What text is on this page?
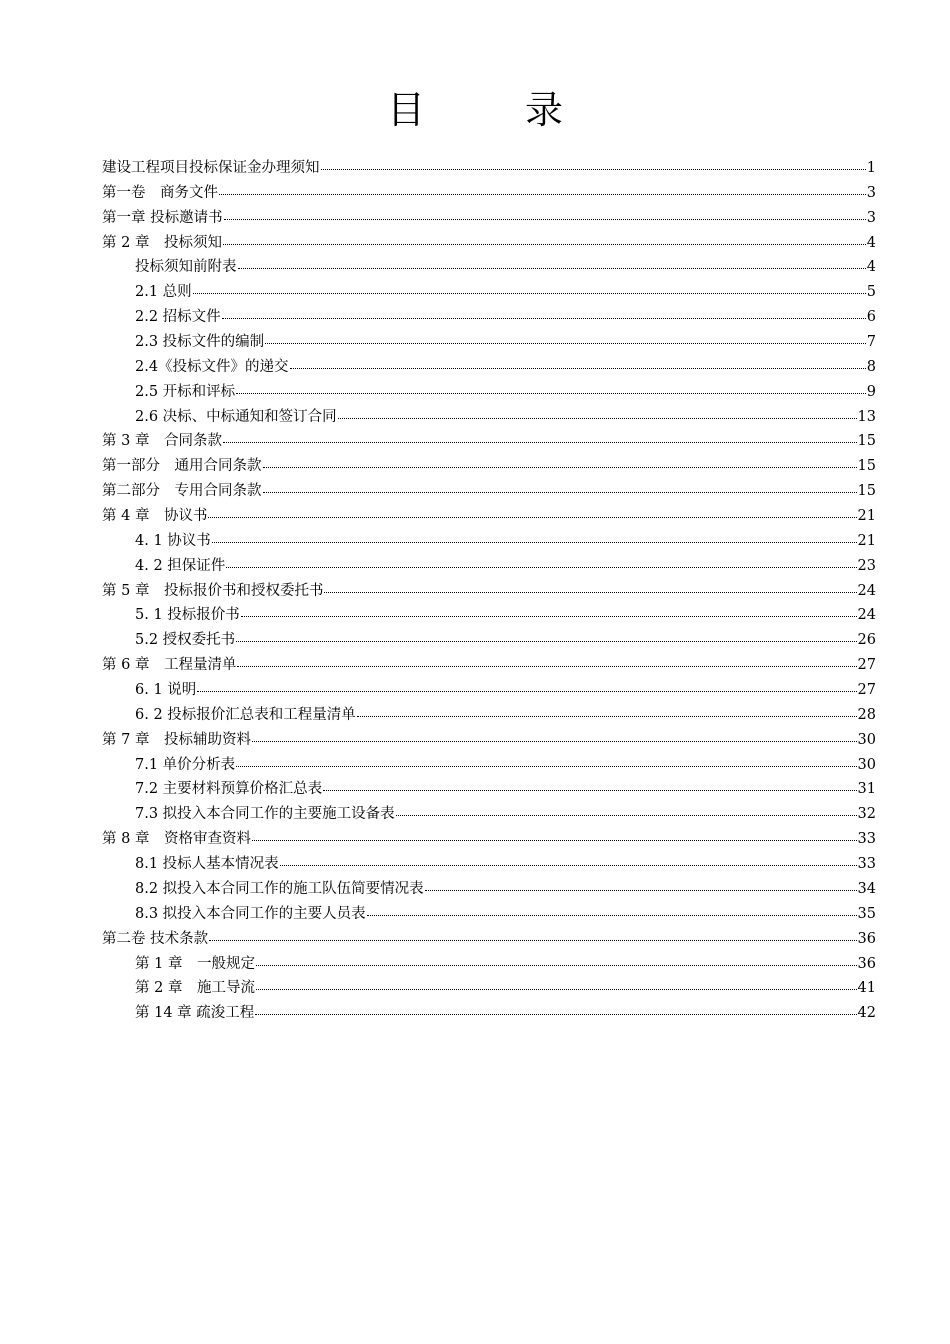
目	录
建设工程项目投标保证金办理须知	1
第一卷　商务文件	3
第一章 投标邀请书	3
第 2 章　投标须知	4
投标须知前附表	4
2.1 总则	5
2.2 招标文件	6
2.3 投标文件的编制	7
2.4《投标文件》的递交	8
2.5 开标和评标	9
2.6 决标、中标通知和签订合同	13
第 3 章　合同条款	15
第一部分　通用合同条款	15
第二部分　专用合同条款	15
第 4 章　协议书	21
4. 1 协议书	21
4. 2 担保证件	23
第 5 章　投标报价书和授权委托书	24
5. 1 投标报价书	24
5.2 授权委托书	26
第 6 章　工程量清单	27
6. 1 说明	27
6. 2 投标报价汇总表和工程量清单	28
第 7 章　投标辅助资料	30
7.1 单价分析表	30
7.2 主要材料预算价格汇总表	31
7.3 拟投入本合同工作的主要施工设备表	32
第 8 章　资格审查资料	33
8.1 投标人基本情况表	33
8.2 拟投入本合同工作的施工队伍简要情况表	34
8.3 拟投入本合同工作的主要人员表	35
第二卷 技术条款	36
第 1 章　一般规定	36
第 2 章　施工导流	41
第 14 章 疏浚工程	42
